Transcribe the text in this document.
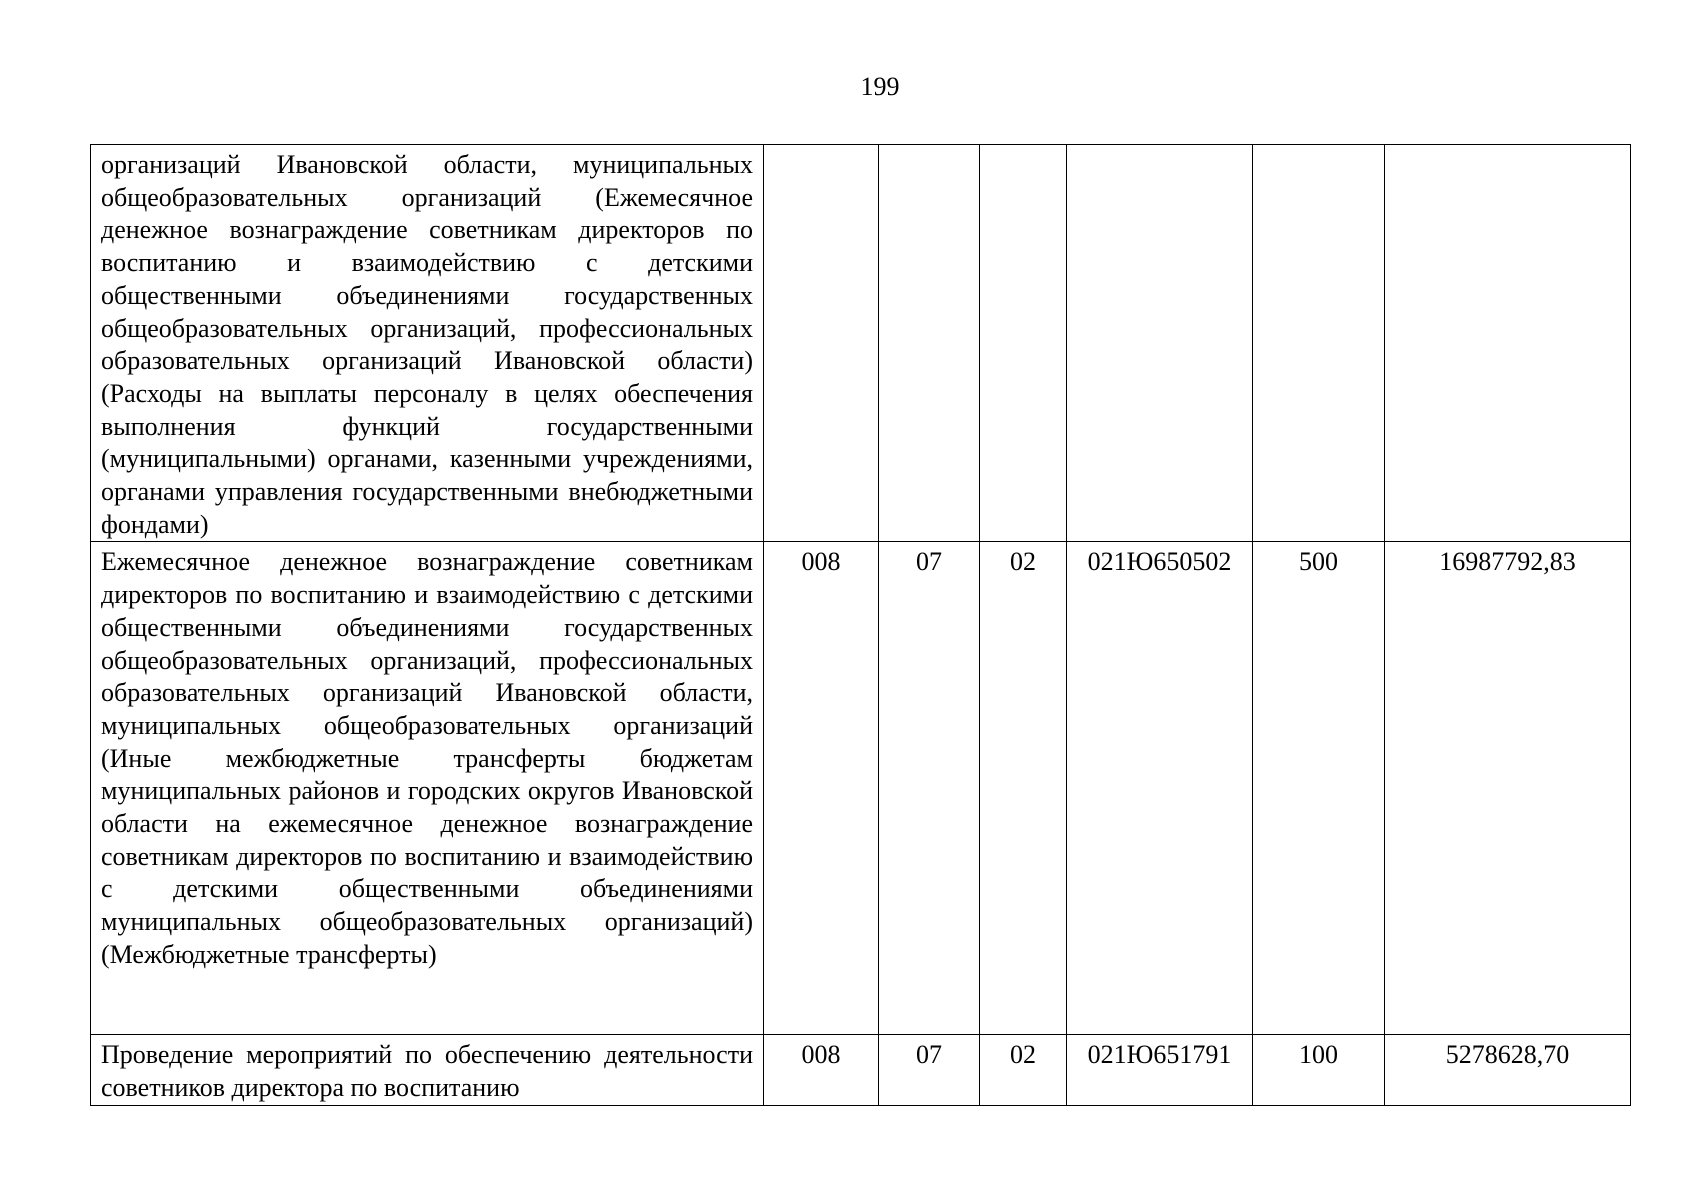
199
организаций Ивановской области, муниципальных общеобразовательных организаций (Ежемесячное денежное вознаграждение советникам директоров по воспитанию и взаимодействию с детскими общественными объединениями государственных общеобразовательных организаций, профессиональных образовательных организаций Ивановской области) (Расходы на выплаты персоналу в целях обеспечения выполнения функций государственными (муниципальными) органами, казенными учреждениями, органами управления государственными внебюджетными фондами)						
Ежемесячное денежное вознаграждение советникам директоров по воспитанию и взаимодействию с детскими общественными объединениями государственных общеобразовательных организаций, профессиональных образовательных организаций Ивановской области, муниципальных общеобразовательных организаций (Иные межбюджетные трансферты бюджетам муниципальных районов и городских округов Ивановской области на ежемесячное денежное вознаграждение советникам директоров по воспитанию и взаимодействию с детскими общественными объединениями муниципальных общеобразовательных организаций) (Межбюджетные трансферты)	008	07	02	021Ю650502	500	16987792,83
Проведение мероприятий по обеспечению деятельности советников директора по воспитанию	008	07	02	021Ю651791	100	5278628,70
